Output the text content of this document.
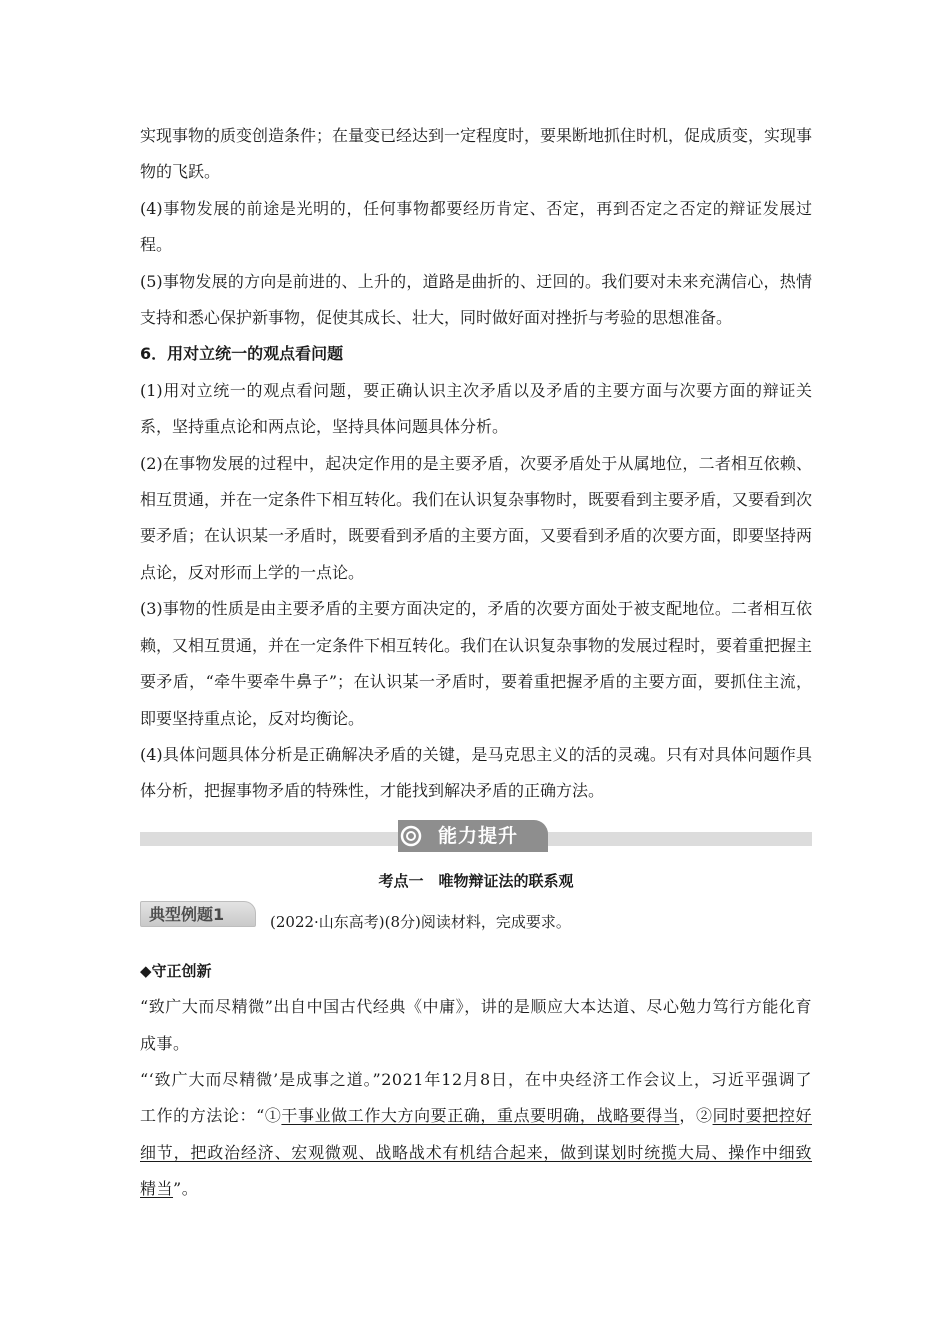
实现事物的质变创造条件；在量变已经达到一定程度时，要果断地抓住时机，促成质变，实现事物的飞跃。

(4)事物发展的前途是光明的，任何事物都要经历肯定、否定，再到否定之否定的辩证发展过程。

(5)事物发展的方向是前进的、上升的，道路是曲折的、迂回的。我们要对未来充满信心，热情支持和悉心保护新事物，促使其成长、壮大，同时做好面对挫折与考验的思想准备。

6．用对立统一的观点看问题

(1)用对立统一的观点看问题，要正确认识主次矛盾以及矛盾的主要方面与次要方面的辩证关系，坚持重点论和两点论，坚持具体问题具体分析。

(2)在事物发展的过程中，起决定作用的是主要矛盾，次要矛盾处于从属地位，二者相互依赖、相互贯通，并在一定条件下相互转化。我们在认识复杂事物时，既要看到主要矛盾，又要看到次要矛盾；在认识某一矛盾时，既要看到矛盾的主要方面，又要看到矛盾的次要方面，即要坚持两点论，反对形而上学的一点论。

(3)事物的性质是由主要矛盾的主要方面决定的，矛盾的次要方面处于被支配地位。二者相互依赖，又相互贯通，并在一定条件下相互转化。我们在认识复杂事物的发展过程时，要着重把握主要矛盾，“牵牛要牵牛鼻子”；在认识某一矛盾时，要着重把握矛盾的主要方面，要抓住主流，即要坚持重点论，反对均衡论。

(4)具体问题具体分析是正确解决矛盾的关键，是马克思主义的活的灵魂。只有对具体问题作具体分析，把握事物矛盾的特殊性，才能找到解决矛盾的正确方法。

能力提升
考点一　唯物辩证法的联系观
典型例题1	(2022·山东高考)(8分)阅读材料，完成要求。

◆守正创新

“致广大而尽精微”出自中国古代经典《中庸》，讲的是顺应大本达道、尽心勉力笃行方能化育成事。

“‘致广大而尽精微’是成事之道。”2021年12月8日，在中央经济工作会议上，习近平强调了工作的方法论：“①干事业做工作大方向要正确，重点要明确，战略要得当，②同时要把控好细节，把政治经济、宏观微观、战略战术有机结合起来，做到谋划时统揽大局、操作中细致精当”。
